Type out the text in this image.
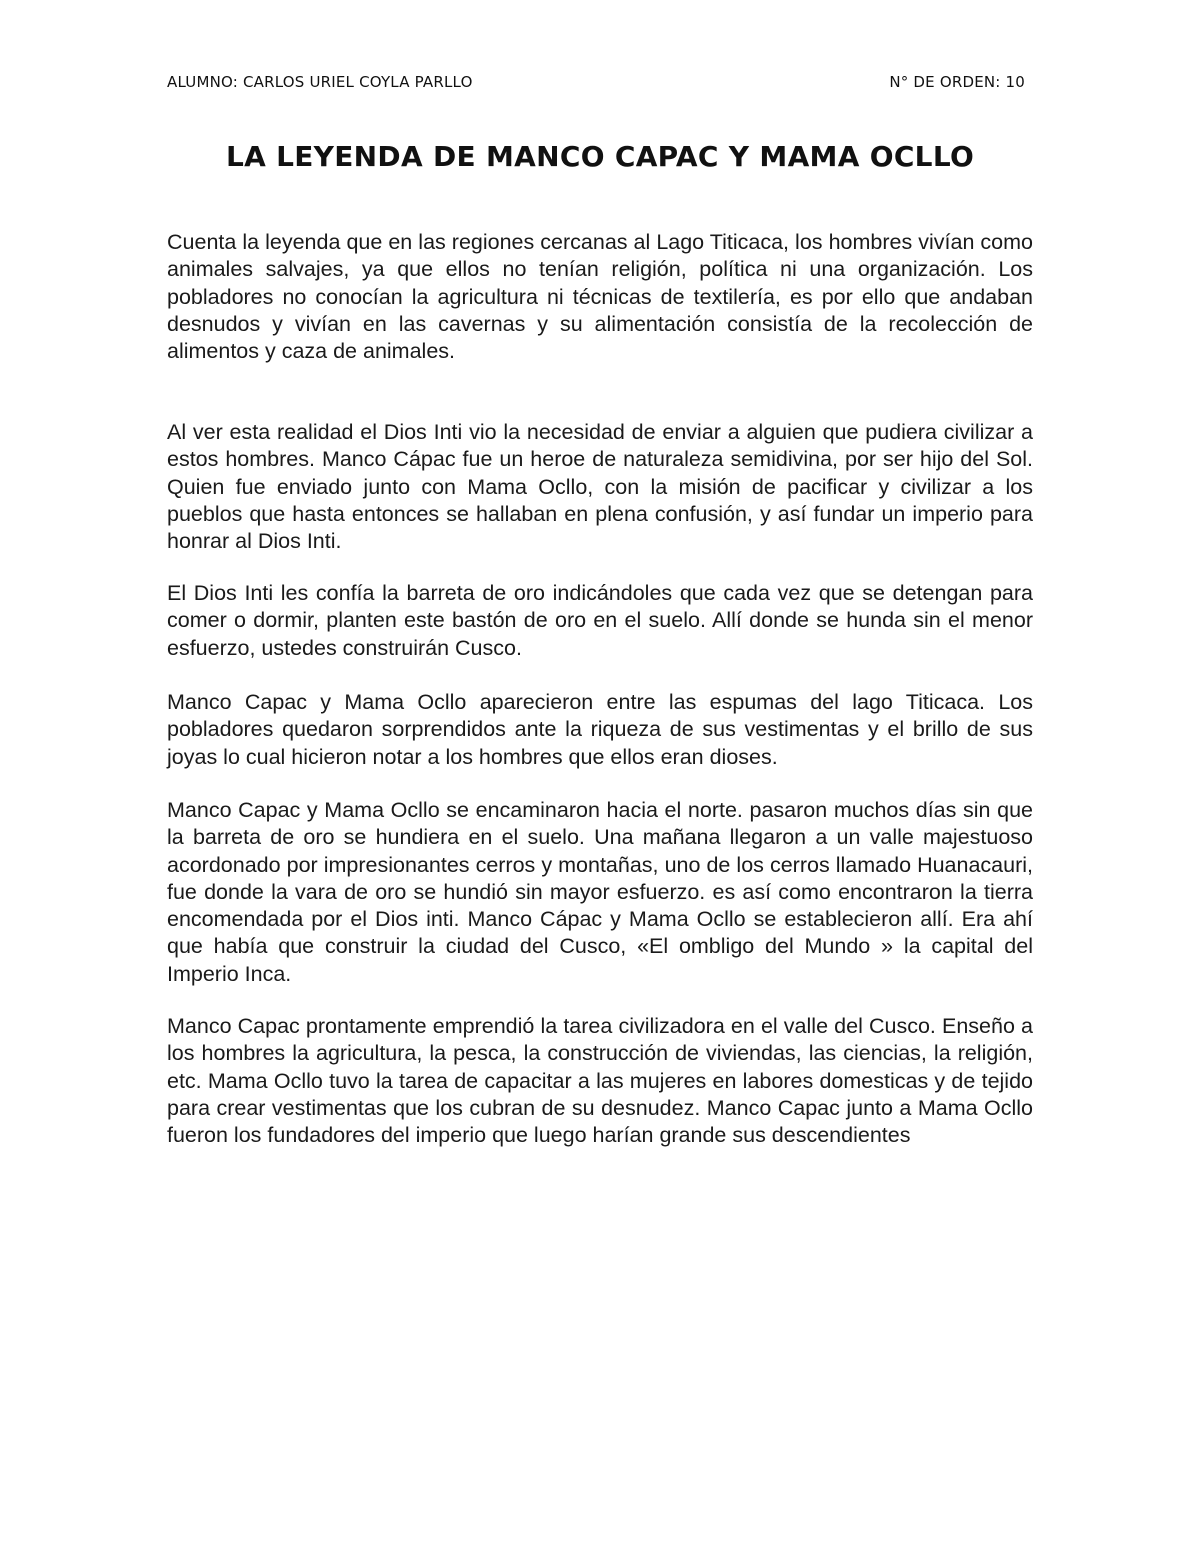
ALUMNO: CARLOS URIEL COYLA PARLLO	N° DE ORDEN: 10
LA LEYENDA DE MANCO CAPAC Y MAMA OCLLO

Cuenta la leyenda que en las regiones cercanas al Lago Titicaca, los hombres vivían como animales salvajes, ya que ellos no tenían religión, política ni una organización. Los pobladores no conocían la agricultura ni técnicas de textilería, es por ello que andaban desnudos y vivían en las cavernas y su alimentación consistía de la recolección de alimentos y caza de animales.

Al ver esta realidad el Dios Inti vio la necesidad de enviar a alguien que pudiera civilizar a estos hombres. Manco Cápac fue un heroe de naturaleza semidivina, por ser hijo del Sol. Quien fue enviado junto con Mama Ocllo, con la misión de pacificar y civilizar a los pueblos que hasta entonces se hallaban en plena confusión, y así fundar un imperio para honrar al Dios Inti.

El Dios Inti les confía la barreta de oro indicándoles que cada vez que se detengan para comer o dormir, planten este bastón de oro en el suelo. Allí donde se hunda sin el menor esfuerzo, ustedes construirán Cusco.

Manco Capac y Mama Ocllo aparecieron entre las espumas del lago Titicaca. Los pobladores quedaron sorprendidos ante la riqueza de sus vestimentas y el brillo de sus joyas lo cual hicieron notar a los hombres que ellos eran dioses.

Manco Capac y Mama Ocllo se encaminaron hacia el norte. pasaron muchos días sin que la barreta de oro se hundiera en el suelo. Una mañana llegaron a un valle majestuoso acordonado por impresionantes cerros y montañas, uno de los cerros llamado Huanacauri, fue donde la vara de oro se hundió sin mayor esfuerzo. es así como encontraron la tierra encomendada por el Dios inti. Manco Cápac y Mama Ocllo se establecieron allí. Era ahí que había que construir la ciudad del Cusco, «El ombligo del Mundo » la capital del Imperio Inca.

Manco Capac prontamente emprendió la tarea civilizadora en el valle del Cusco. Enseño a los hombres la agricultura, la pesca, la construcción de viviendas, las ciencias, la religión, etc. Mama Ocllo tuvo la tarea de capacitar a las mujeres en labores domesticas y de tejido para crear vestimentas que los cubran de su desnudez. Manco Capac junto a Mama Ocllo fueron los fundadores del imperio que luego harían grande sus descendientes
